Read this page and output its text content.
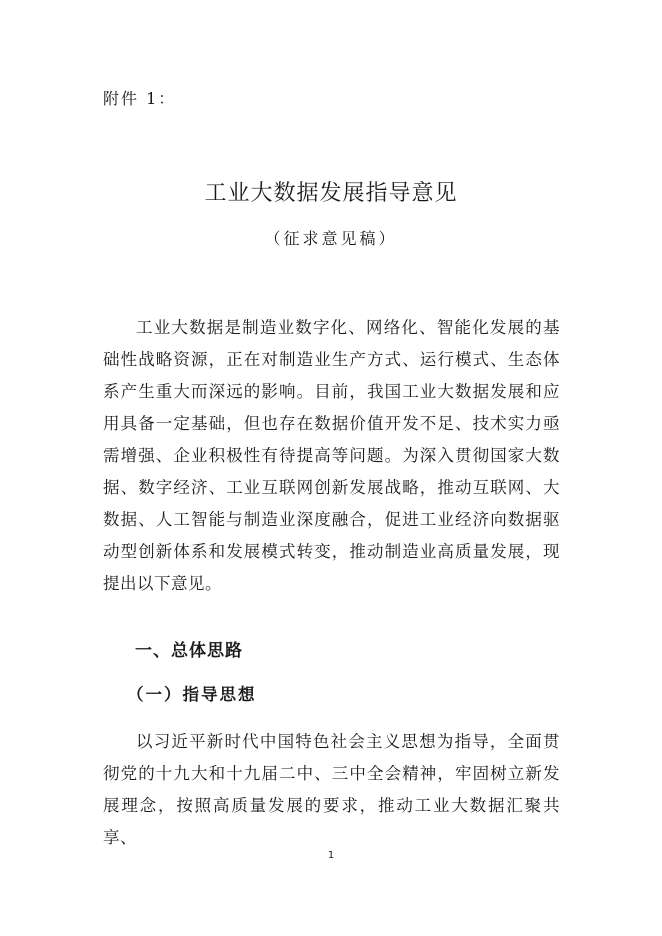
附件 1：
工业大数据发展指导意见
（征求意见稿）

工业大数据是制造业数字化、网络化、智能化发展的基础性战略资源，正在对制造业生产方式、运行模式、生态体系产生重大而深远的影响。目前，我国工业大数据发展和应用具备一定基础，但也存在数据价值开发不足、技术实力亟需增强、企业积极性有待提高等问题。为深入贯彻国家大数据、数字经济、工业互联网创新发展战略，推动互联网、大数据、人工智能与制造业深度融合，促进工业经济向数据驱动型创新体系和发展模式转变，推动制造业高质量发展，现提出以下意见。

一、总体思路
（一）指导思想

以习近平新时代中国特色社会主义思想为指导，全面贯彻党的十九大和十九届二中、三中全会精神，牢固树立新发展理念，按照高质量发展的要求，推动工业大数据汇聚共享、

1
